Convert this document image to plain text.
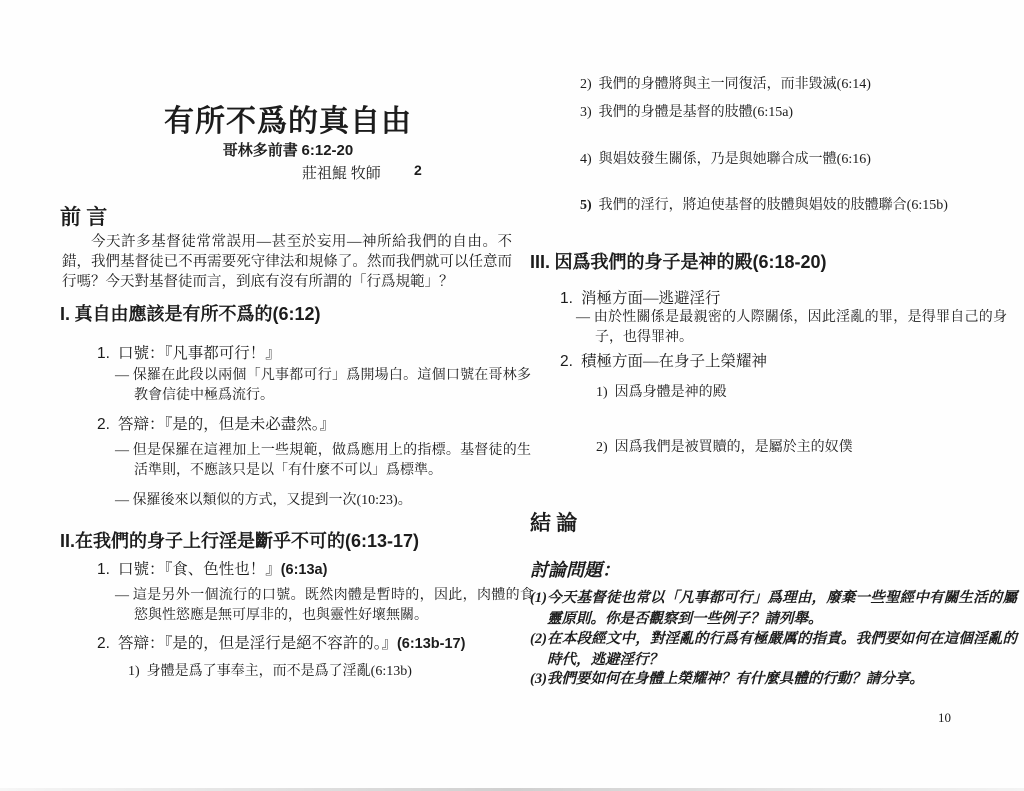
有所不爲的真自由
哥林多前書 6:12-20
莊祖鯤 牧師 2
前 言
今天許多基督徒常常誤用—甚至於妄用—神所給我們的自由。不錯，我們基督徒已不再需要死守律法和規條了。然而我們就可以任意而行嗎？今天對基督徒而言，到底有沒有所謂的「行爲規範」？
I. 真自由應該是有所不爲的(6:12)
1. 口號：『凡事都可行！』
— 保羅在此段以兩個「凡事都可行」爲開場白。這個口號在哥林多教會信徒中極爲流行。
2. 答辯：『是的，但是未必盡然。』
— 但是保羅在這裡加上一些規範，做爲應用上的指標。基督徒的生活準則，不應該只是以「有什麼不可以」爲標準。
— 保羅後來以類似的方式，又提到一次(10:23)。
II.在我們的身子上行淫是斷乎不可的(6:13-17)
1. 口號：『食、色性也！』(6:13a)
— 這是另外一個流行的口號。既然肉體是暫時的，因此，肉體的食慾與性慾應是無可厚非的，也與靈性好壞無關。
2. 答辯：『是的，但是淫行是絕不容許的。』(6:13b-17)
1) 身體是爲了事奉主，而不是爲了淫亂(6:13b)
2) 我們的身體將與主一同復活，而非毀滅(6:14)
3) 我們的身體是基督的肢體(6:15a)
4) 與娼妓發生關係，乃是與她聯合成一體(6:16)
5) 我們的淫行，將迫使基督的肢體與娼妓的肢體聯合(6:15b)
III. 因爲我們的身子是神的殿(6:18-20)
1. 消極方面—逃避淫行
— 由於性關係是最親密的人際關係，因此淫亂的罪，是得罪自己的身子，也得罪神。
2. 積極方面—在身子上榮耀神
1) 因爲身體是神的殿
2) 因爲我們是被買贖的，是屬於主的奴僕
結 論
討論問題：
(1)今天基督徒也常以「凡事都可行」爲理由，廢棄一些聖經中有關生活的屬靈原則。你是否觀察到一些例子？請列舉。
(2)在本段經文中，對淫亂的行爲有極嚴厲的指責。我們要如何在這個淫亂的時代，逃避淫行？
(3)我們要如何在身體上榮耀神？有什麼具體的行動？請分享。
10
